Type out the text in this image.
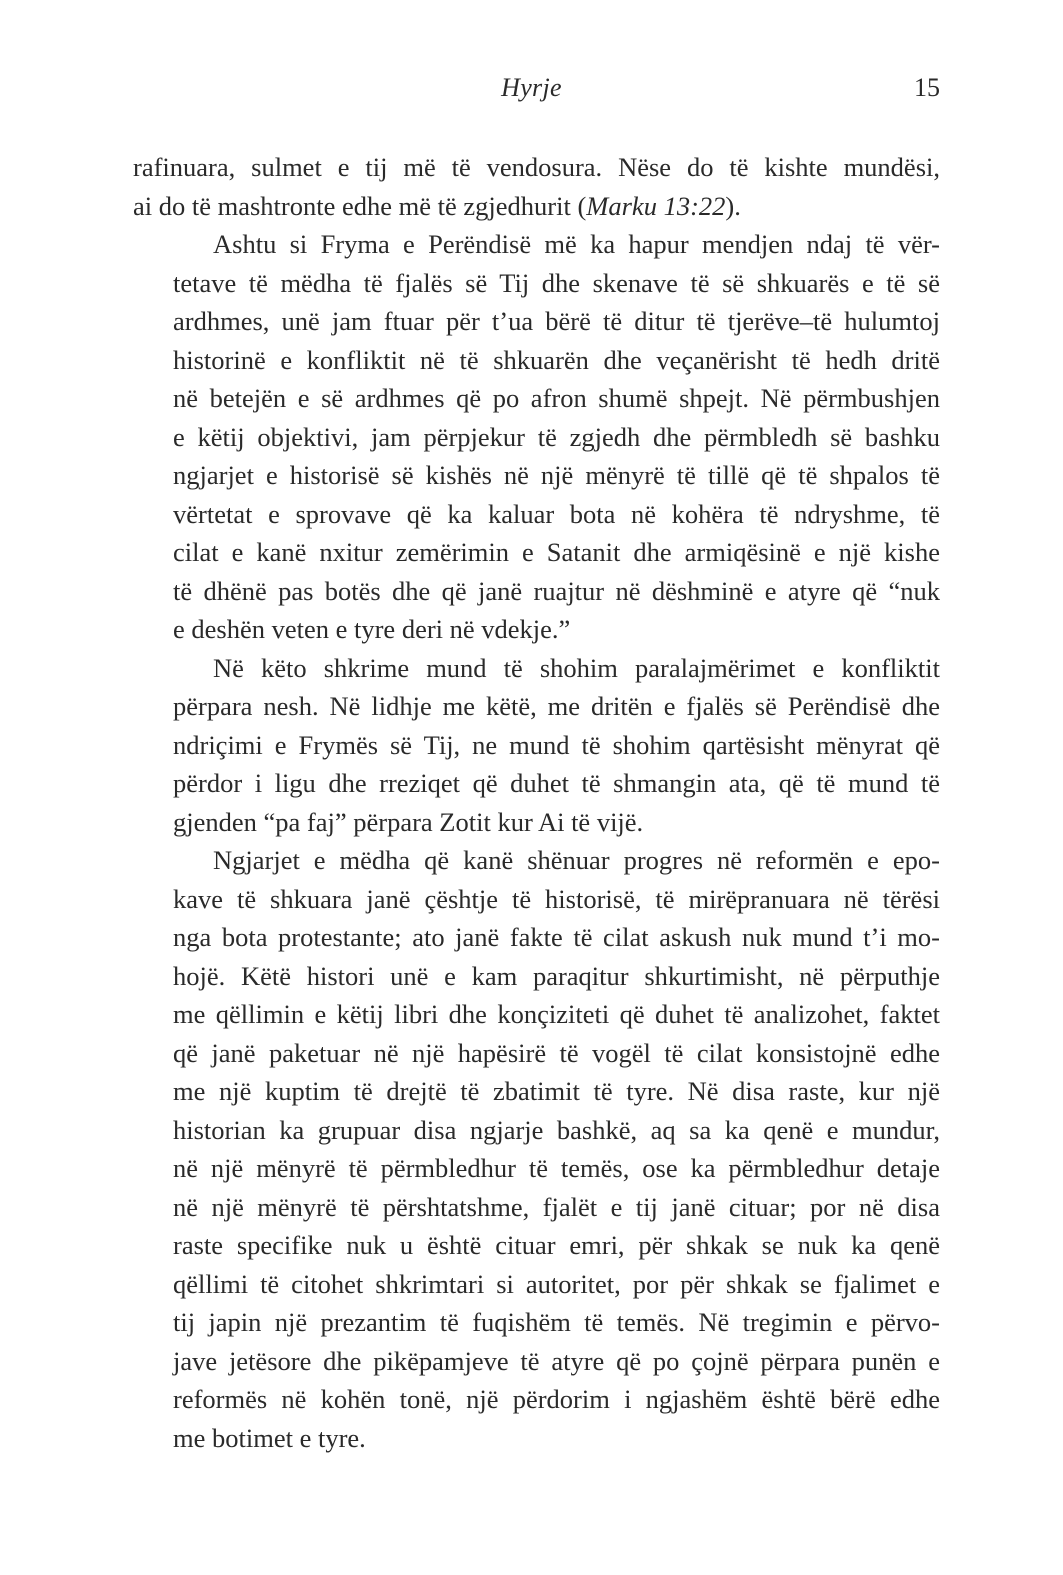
Hyrje	15
rafinuara, sulmet e tij më të vendosura. Nëse do të kishte mundësi,
ai do të mashtronte edhe më të zgjedhurit (Marku 13:22).
Ashtu si Fryma e Perëndisë më ka hapur mendjen ndaj të vër-
tetave të mëdha të fjalës së Tij dhe skenave të së shkuarës e të së
ardhmes, unë jam ftuar për t’ua bërë të ditur të tjerëve–të hulumtoj
historinë e konfliktit në të shkuarën dhe veçanërisht të hedh dritë
në betejën e së ardhmes që po afron shumë shpejt. Në përmbushjen
e këtij objektivi, jam përpjekur të zgjedh dhe përmbledh së bashku
ngjarjet e historisë së kishës në një mënyrë të tillë që të shpalos të
vërtetat e sprovave që ka kaluar bota në kohëra të ndryshme, të
cilat e kanë nxitur zemërimin e Satanit dhe armiqësinë e një kishe
të dhënë pas botës dhe që janë ruajtur në dëshminë e atyre që “nuk
e deshën veten e tyre deri në vdekje.”
Në këto shkrime mund të shohim paralajmërimet e konfliktit
përpara nesh. Në lidhje me këtë, me dritën e fjalës së Perëndisë dhe
ndriçimi e Frymës së Tij, ne mund të shohim qartësisht mënyrat që
përdor i ligu dhe rreziqet që duhet të shmangin ata, që të mund të
gjenden “pa faj” përpara Zotit kur Ai të vijë.
Ngjarjet e mëdha që kanë shënuar progres në reformën e epo-
kave të shkuara janë çështje të historisë, të mirëpranuara në tërësi
nga bota protestante; ato janë fakte të cilat askush nuk mund t’i mo-
hojë. Këtë histori unë e kam paraqitur shkurtimisht, në përputhje
me qëllimin e këtij libri dhe konçiziteti që duhet të analizohet, faktet
që janë paketuar në një hapësirë të vogël të cilat konsistojnë edhe
me një kuptim të drejtë të zbatimit të tyre. Në disa raste, kur një
historian ka grupuar disa ngjarje bashkë, aq sa ka qenë e mundur,
në një mënyrë të përmbledhur të temës, ose ka përmbledhur detaje
në një mënyrë të përshtatshme, fjalët e tij janë cituar; por në disa
raste specifike nuk u është cituar emri, për shkak se nuk ka qenë
qëllimi të citohet shkrimtari si autoritet, por për shkak se fjalimet e
tij japin një prezantim të fuqishëm të temës. Në tregimin e përvo-
jave jetësore dhe pikëpamjeve të atyre që po çojnë përpara punën e
reformës në kohën tonë, një përdorim i ngjashëm është bërë edhe
me botimet e tyre.
